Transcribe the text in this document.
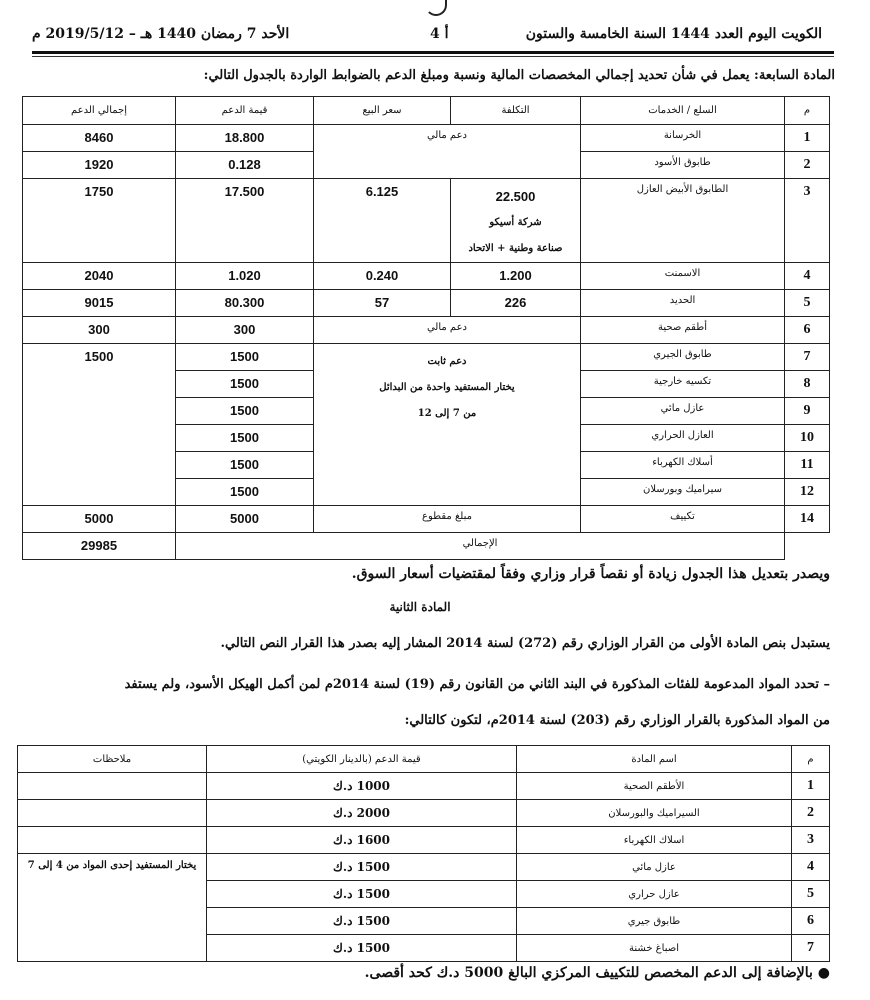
الكويت اليوم العدد 1444 السنة الخامسة والستون
أ 4
الأحد 7 رمضان 1440 هـ – 2019/5/12 م
المادة السابعة: يعمل في شأن تحديد إجمالي المخصصات المالية ونسبة ومبلغ الدعم بالضوابط الواردة بالجدول التالي:
م	السلع / الخدمات	التكلفة	سعر البيع	قيمة الدعم	إجمالي الدعم
1	الخرسانة	دعم مالي		18.800	8460
2	طابوق الأسود			0.128	1920
3	الطابوق الأبيض العازل	22.500
شركة أسيكو
صناعة وطنية + الاتحاد	6.125	17.500	1750
4	الاسمنت	1.200	0.240	1.020	2040
5	الحديد	226	57	80.300	9015
6	أطقم صحية	دعم مالي		300	300
7	طابوق الجيري	دعم ثابت
يختار المستفيد واحدة من البدائل
من 7 إلى 12		1500	1500
8	تكسيه خارجية			1500	
9	عازل مائي			1500	
10	العازل الحراري			1500	
11	أسلاك الكهرباء			1500	
12	سيراميك وبورسلان			1500	
14	تكييف	مبلغ مقطوع		5000	5000
	الإجمالي				29985
ويصدر بتعديل هذا الجدول زيادة أو نقصاً قرار وزاري وفقاً لمقتضيات أسعار السوق.
المادة الثانية
يستبدل بنص المادة الأولى من القرار الوزاري رقم (272) لسنة 2014 المشار إليه بصدر هذا القرار النص التالي.
– تحدد المواد المدعومة للفئات المذكورة في البند الثاني من القانون رقم (19) لسنة 2014م لمن أكمل الهيكل الأسود، ولم يستفد
من المواد المذكورة بالقرار الوزاري رقم (203) لسنة 2014م، لتكون كالتالي:
م	اسم المادة	قيمة الدعم (بالدينار الكويتي)	ملاحظات
1	الأطقم الصحية	1000 د.ك	
2	السيراميك والبورسلان	2000 د.ك	
3	اسلاك الكهرباء	1600 د.ك	
4	عازل مائي	1500 د.ك	يختار المستفيد إحدى المواد من 4 إلى 7
5	عازل حراري	1500 د.ك	
6	طابوق جيري	1500 د.ك	
7	اصباغ خشنة	1500 د.ك	
● بالإضافة إلى الدعم المخصص للتكييف المركزي البالغ 5000 د.ك كحد أقصى.
